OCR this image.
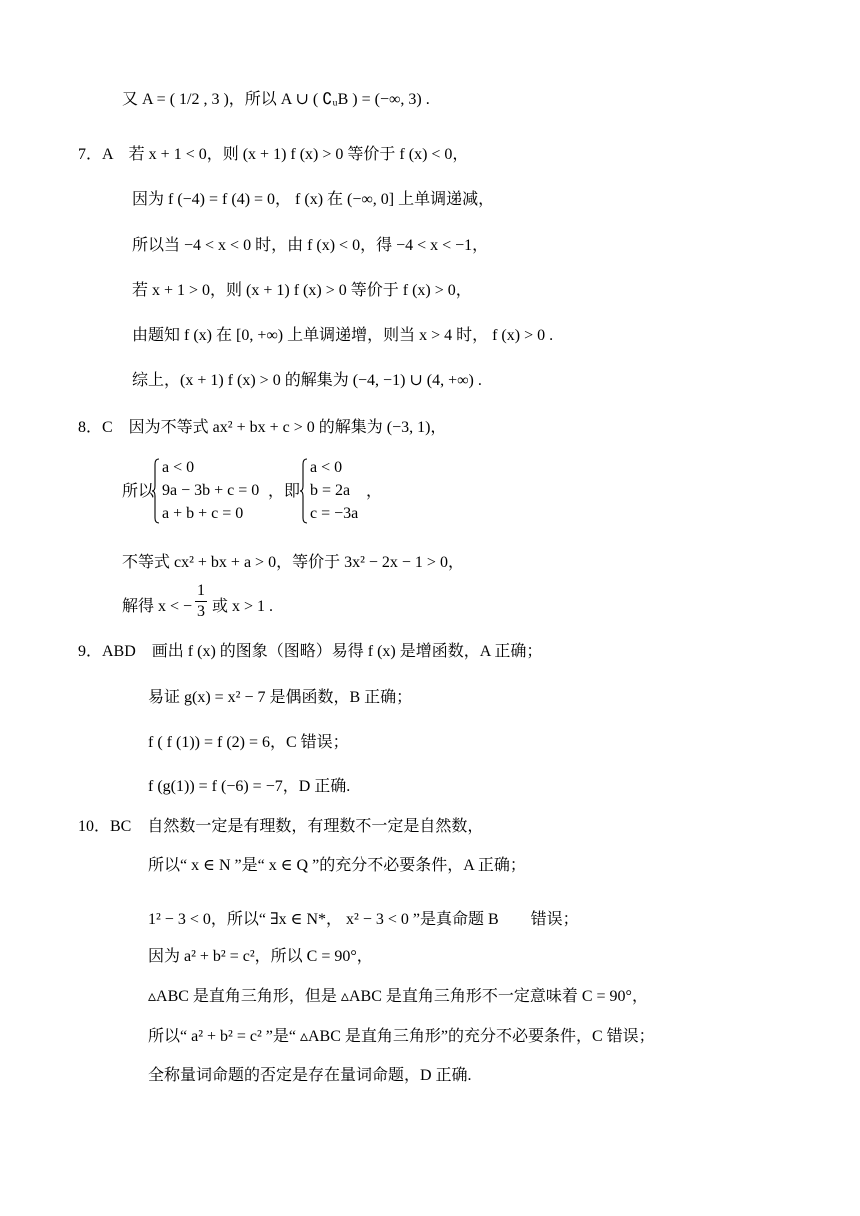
又 A = ( 1/2 , 3 )，所以 A ∪ ( ∁ᵤB ) = (−∞, 3) .
7．A　若 x + 1 < 0，则 (x + 1) f (x) > 0 等价于 f (x) < 0，
因为 f (−4) = f (4) = 0， f (x) 在 (−∞, 0] 上单调递减，
所以当 −4 < x < 0 时，由 f (x) < 0，得 −4 < x < −1，
若 x + 1 > 0，则 (x + 1) f (x) > 0 等价于 f (x) > 0，
由题知 f (x) 在 [0, +∞) 上单调递增，则当 x > 4 时， f (x) > 0 .
综上，(x + 1) f (x) > 0 的解集为 (−4, −1) ∪ (4, +∞) .
8．C　因为不等式 ax² + bx + c > 0 的解集为 (−3, 1)，
所以
a < 0
9a − 3b + c = 0
a + b + c = 0
，即
a < 0
b = 2a
c = −3a
，
不等式 cx² + bx + a > 0，等价于 3x² − 2x − 1 > 0，
解得 x < −
1
3 或 x > 1 .
9．ABD　画出 f (x) 的图象（图略）易得 f (x) 是增函数，A 正确；
易证 g(x) = x² − 7 是偶函数，B 正确；
f ( f (1)) = f (2) = 6，C 错误；
f (g(1)) = f (−6) = −7，D 正确.
10．BC　自然数一定是有理数，有理数不一定是自然数，
所以“ x ∈ N ”是“ x ∈ Q ”的充分不必要条件，A 正确；
1² − 3 < 0，所以“ ∃x ∈ N*， x² − 3 < 0 ”是真命题 B　　错误；
因为 a² + b² = c²，所以 C = 90°，
▵ABC 是直角三角形，但是 ▵ABC 是直角三角形不一定意味着 C = 90°，
所以“ a² + b² = c² ”是“ ▵ABC 是直角三角形”的充分不必要条件，C 错误；
全称量词命题的否定是存在量词命题，D 正确.
